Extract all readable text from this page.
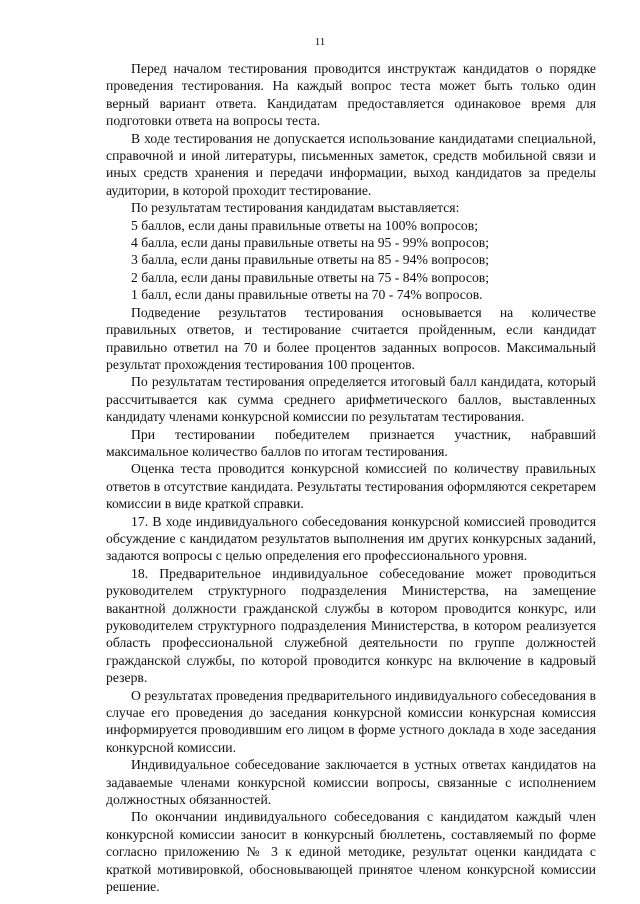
11

Перед началом тестирования проводится инструктаж кандидатов о порядке проведения тестирования. На каждый вопрос теста может быть только один верный вариант ответа. Кандидатам предоставляется одинаковое время для подготовки ответа на вопросы теста.

В ходе тестирования не допускается использование кандидатами специальной, справочной и иной литературы, письменных заметок, средств мобильной связи и иных средств хранения и передачи информации, выход кандидатов за пределы аудитории, в которой проходит тестирование.

По результатам тестирования кандидатам выставляется:

5 баллов, если даны правильные ответы на 100% вопросов;

4 балла, если даны правильные ответы на 95 - 99% вопросов;

3 балла, если даны правильные ответы на 85 - 94% вопросов;

2 балла, если даны правильные ответы на 75 - 84% вопросов;

1 балл, если даны правильные ответы на 70 - 74% вопросов.

Подведение результатов тестирования основывается на количестве правильных ответов, и тестирование считается пройденным, если кандидат правильно ответил на 70 и более процентов заданных вопросов. Максимальный результат прохождения тестирования 100 процентов.

По результатам тестирования определяется итоговый балл кандидата, который рассчитывается как сумма среднего арифметического баллов, выставленных кандидату членами конкурсной комиссии по результатам тестирования.

При тестировании победителем признается участник, набравший максимальное количество баллов по итогам тестирования.

Оценка теста проводится конкурсной комиссией по количеству правильных ответов в отсутствие кандидата. Результаты тестирования оформляются секретарем комиссии в виде краткой справки.

17. В ходе индивидуального собеседования конкурсной комиссией проводится обсуждение с кандидатом результатов выполнения им других конкурсных заданий, задаются вопросы с целью определения его профессионального уровня.

18. Предварительное индивидуальное собеседование может проводиться руководителем структурного подразделения Министерства, на замещение вакантной должности гражданской службы в котором проводится конкурс, или руководителем структурного подразделения Министерства, в котором реализуется область профессиональной служебной деятельности по группе должностей гражданской службы, по которой проводится конкурс на включение в кадровый резерв.

О результатах проведения предварительного индивидуального собеседования в случае его проведения до заседания конкурсной комиссии конкурсная комиссия информируется проводившим его лицом в форме устного доклада в ходе заседания конкурсной комиссии.

Индивидуальное собеседование заключается в устных ответах кандидатов на задаваемые членами конкурсной комиссии вопросы, связанные с исполнением должностных обязанностей.

По окончании индивидуального собеседования с кандидатом каждый член конкурсной комиссии заносит в конкурсный бюллетень, составляемый по форме согласно приложению № 3 к единой методике, результат оценки кандидата с краткой мотивировкой, обосновывающей принятое членом конкурсной комиссии решение.
